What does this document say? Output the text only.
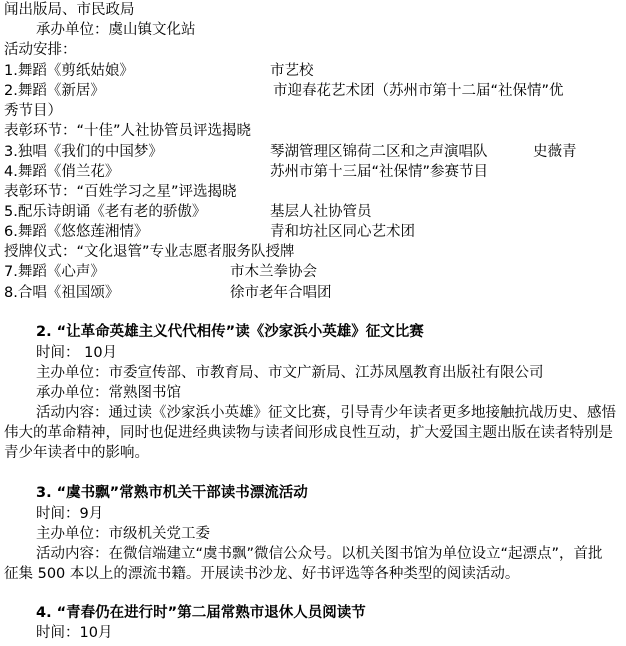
闻出版局、市民政局
承办单位：虞山镇文化站
活动安排：
1.舞蹈《剪纸姑娘》	市艺校
2.舞蹈《新居》	市迎春花艺术团（苏州市第十二届“社保情”优
秀节目）
表彰环节：“十佳”人社协管员评选揭晓
3.独唱《我们的中国梦》	琴湖管理区锦荷二区和之声演唱队	史薇青
4.舞蹈《俏兰花》	苏州市第十三届“社保情”参赛节目
表彰环节：“百姓学习之星”评选揭晓
5.配乐诗朗诵《老有老的骄傲》	基层人社协管员
6.舞蹈《悠悠莲湘情》	青和坊社区同心艺术团
授牌仪式：“文化退管”专业志愿者服务队授牌
7.舞蹈《心声》	市木兰拳协会
8.合唱《祖国颂》	徐市老年合唱团
2. “让革命英雄主义代代相传”读《沙家浜小英雄》征文比赛
时间： 10月
主办单位：市委宣传部、市教育局、市文广新局、江苏凤凰教育出版社有限公司
承办单位：常熟图书馆
活动内容：通过读《沙家浜小英雄》征文比赛，引导青少年读者更多地接触抗战历史、感悟伟大的革命精神，同时也促进经典读物与读者间形成良性互动，扩大爱国主题出版在读者特别是青少年读者中的影响。
3. “虞书飘”常熟市机关干部读书漂流活动
时间：9月
主办单位：市级机关党工委
活动内容：在微信端建立“虞书飘”微信公众号。以机关图书馆为单位设立“起漂点”，首批征集 500 本以上的漂流书籍。开展读书沙龙、好书评选等各种类型的阅读活动。
4. “青春仍在进行时”第二届常熟市退休人员阅读节
时间：10月
